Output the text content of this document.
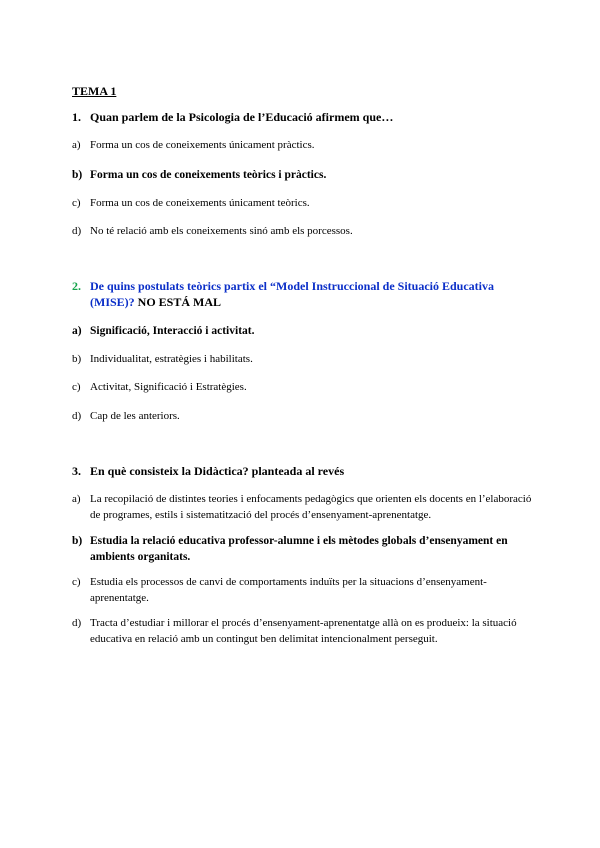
TEMA 1
1. Quan parlem de la Psicologia de l’Educació afirmem que…
a) Forma un cos de coneixements únicament pràctics.
b) Forma un cos de coneixements teòrics i pràctics.
c) Forma un cos de coneixements únicament teòrics.
d) No té relació amb els coneixements sinó amb els porcessos.
2. De quins postulats teòrics partix el “Model Instruccional de Situació Educativa (MISE)? NO ESTÁ MAL
a) Significació, Interacció i activitat.
b) Individualitat, estratègies i habilitats.
c) Activitat, Significació i Estratègies.
d) Cap de les anteriors.
3. En què consisteix la Didàctica? planteada al revés
a) La recopilació de distintes teories i enfocaments pedagògics que orienten els docents en l’elaboració de programes, estils i sistematització del procés d’ensenyament-aprenentatge.
b) Estudia la relació educativa professor-alumne i els mètodes globals d’ensenyament en ambients organitats.
c) Estudia els processos de canvi de comportaments induïts per la situacions d’ensenyament-aprenentatge.
d) Tracta d’estudiar i millorar el procés d’ensenyament-aprenentatge allà on es produeix: la situació educativa en relació amb un contingut ben delimitat intencionalment perseguit.
